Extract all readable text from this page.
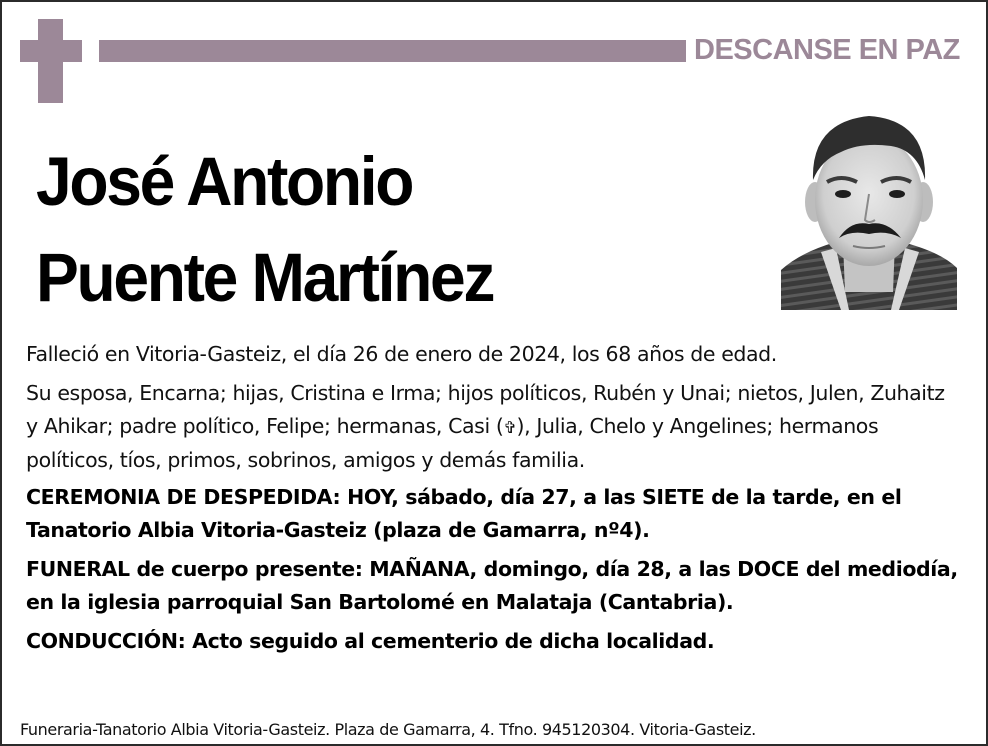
DESCANSE EN PAZ
José Antonio
Puente Martínez

Falleció en Vitoria-Gasteiz, el día 26 de enero de 2024, los 68 años de edad.

Su esposa, Encarna; hijas, Cristina e Irma; hijos políticos, Rubén y Unai; nietos, Julen, Zuhaitz y Ahikar; padre político, Felipe; hermanas, Casi (✞), Julia, Chelo y Angelines; hermanos políticos, tíos, primos, sobrinos, amigos y demás familia.

CEREMONIA DE DESPEDIDA: HOY, sábado, día 27, a las SIETE de la tarde, en el Tanatorio Albia Vitoria-Gasteiz (plaza de Gamarra, nº4).

FUNERAL de cuerpo presente: MAÑANA, domingo, día 28, a las DOCE del mediodía, en la iglesia parroquial San Bartolomé en Malataja (Cantabria).

CONDUCCIÓN: Acto seguido al cementerio de dicha localidad.

Funeraria-Tanatorio Albia Vitoria-Gasteiz. Plaza de Gamarra, 4. Tfno. 945120304. Vitoria-Gasteiz.
